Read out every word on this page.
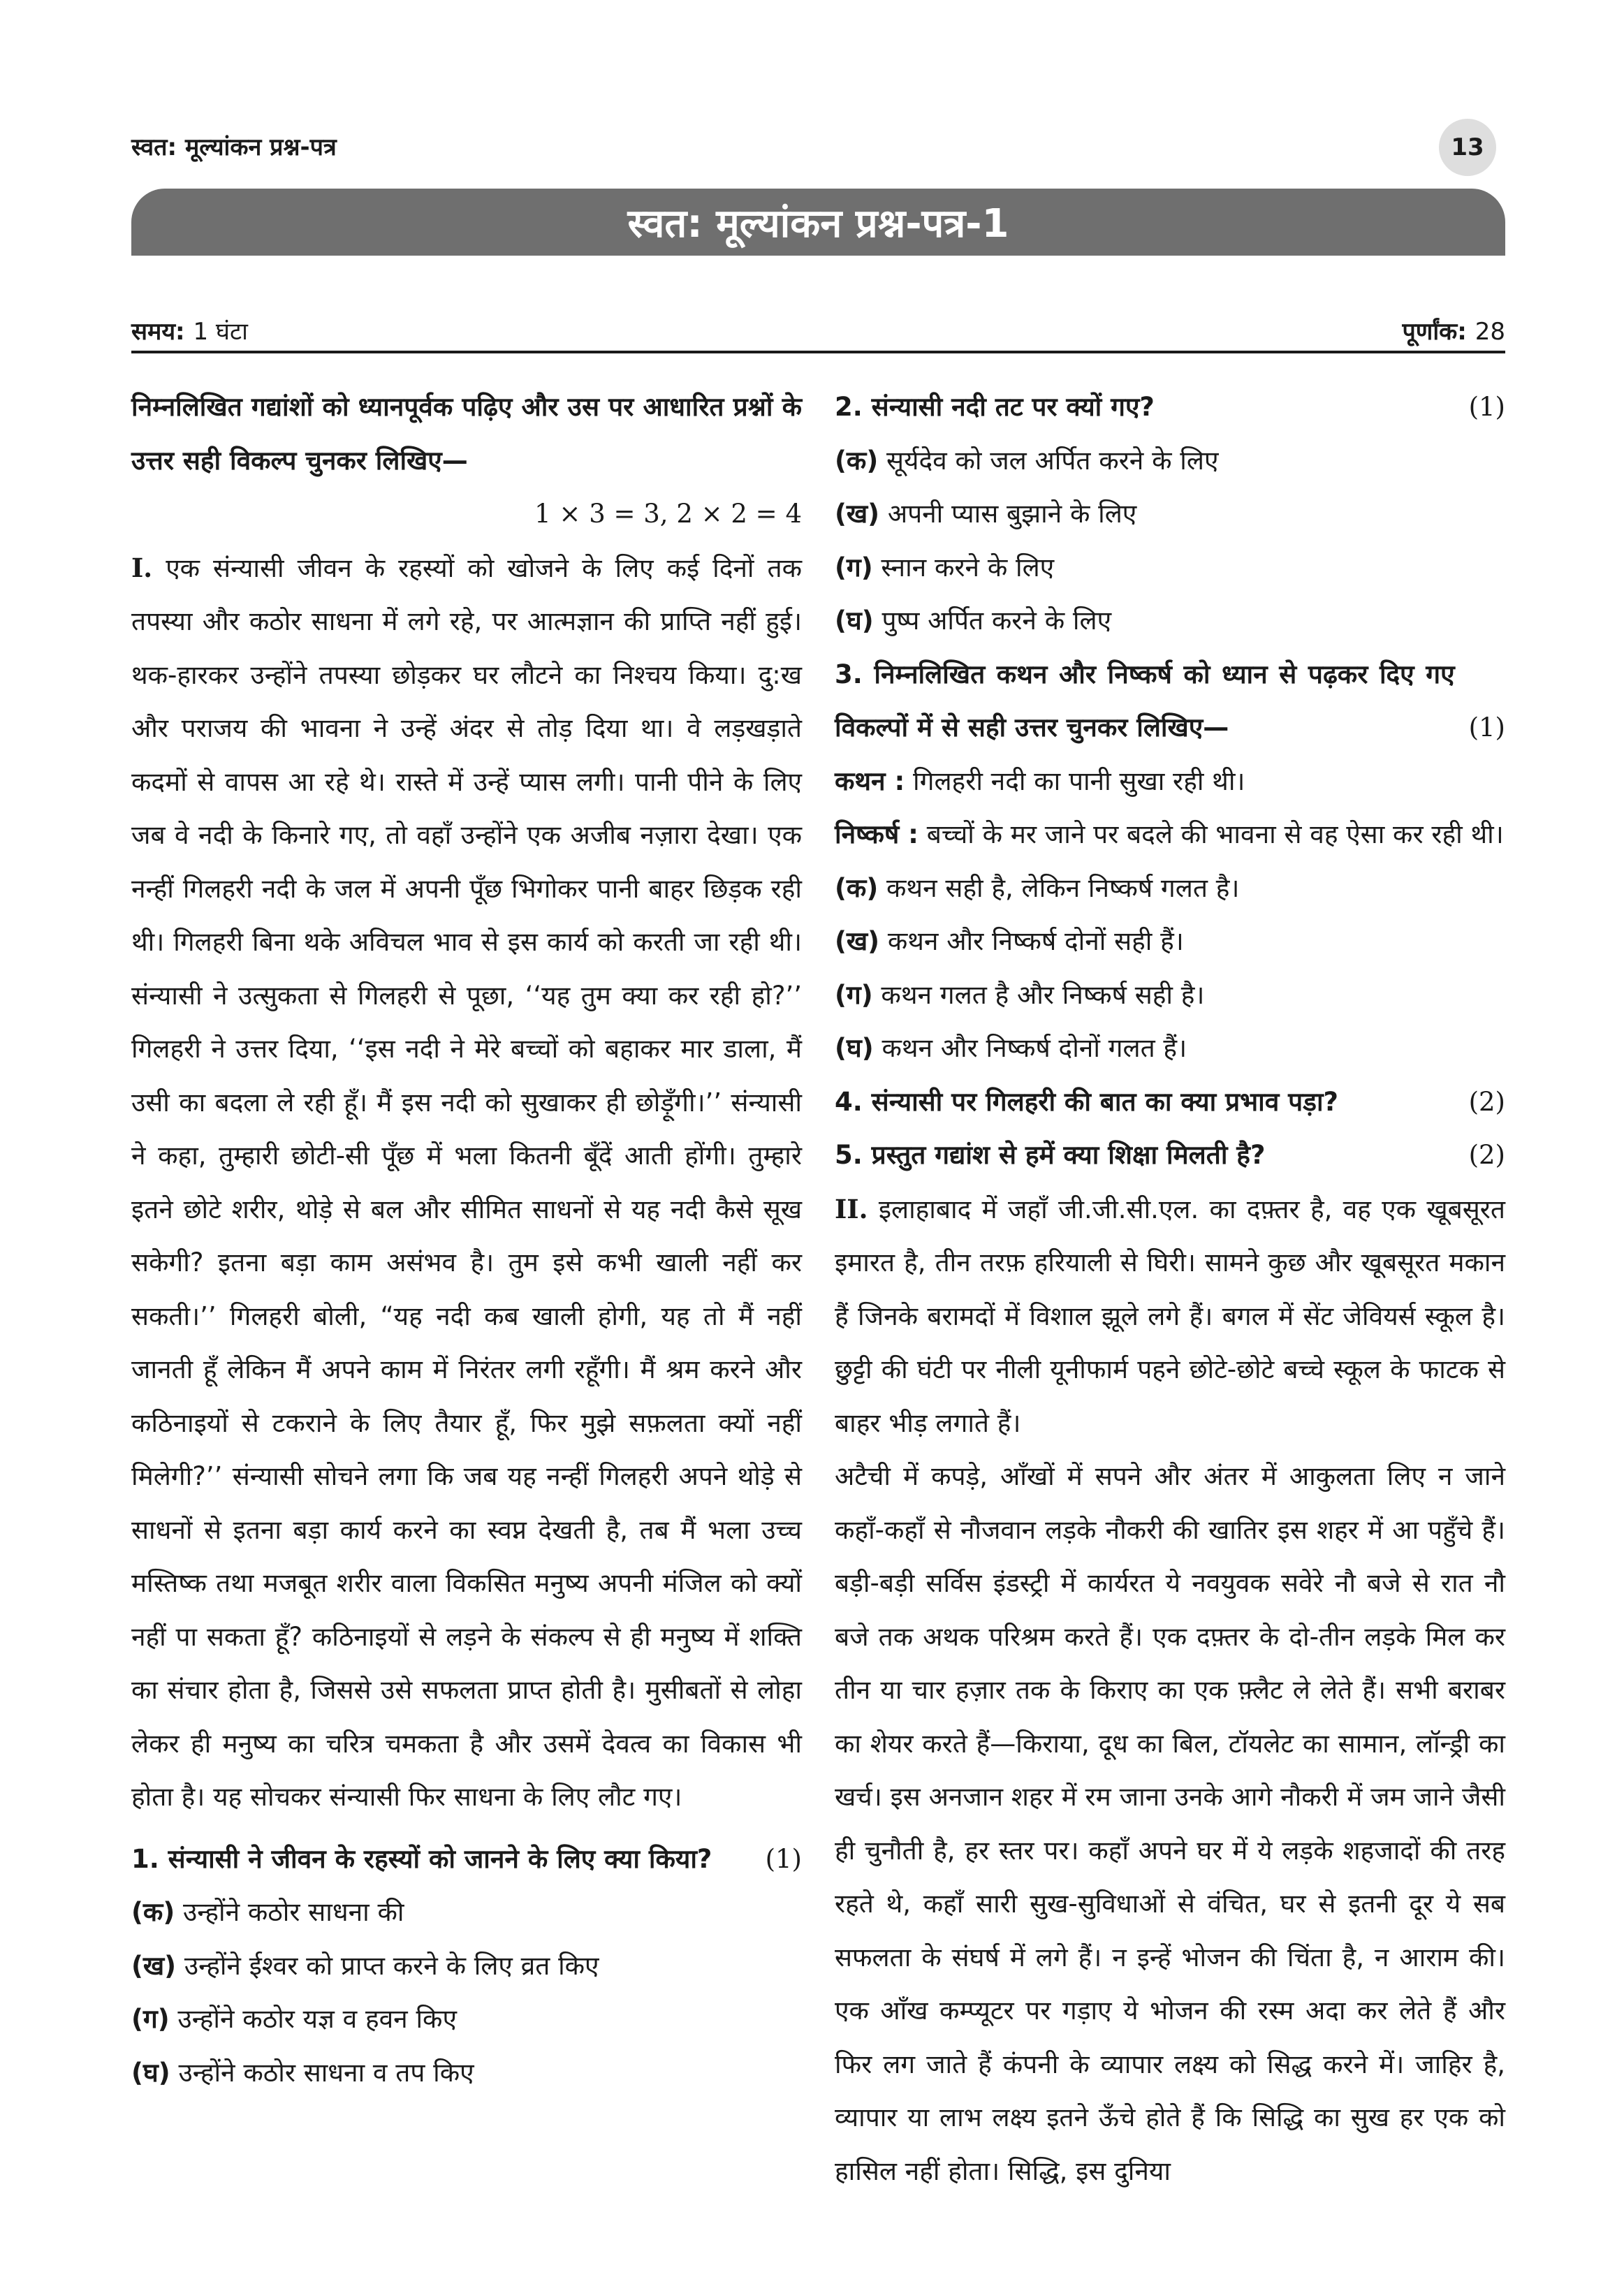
स्वत: मूल्यांकन प्रश्न-पत्र	13
स्वत: मूल्यांकन प्रश्न-पत्र-1
समय: 1 घंटा	पूर्णांक: 28

निम्नलिखित गद्यांशों को ध्यानपूर्वक पढ़िए और उस पर आधारित प्रश्नों के उत्तर सही विकल्प चुनकर लिखिए—

1 × 3 = 3, 2 × 2 = 4

I. एक संन्यासी जीवन के रहस्यों को खोजने के लिए कई दिनों तक तपस्या और कठोर साधना में लगे रहे, पर आत्मज्ञान की प्राप्ति नहीं हुई। थक-हारकर उन्होंने तपस्या छोड़कर घर लौटने का निश्चय किया। दु:ख और पराजय की भावना ने उन्हें अंदर से तोड़ दिया था। वे लड़खड़ाते कदमों से वापस आ रहे थे। रास्ते में उन्हें प्यास लगी। पानी पीने के लिए जब वे नदी के किनारे गए, तो वहाँ उन्होंने एक अजीब नज़ारा देखा। एक नन्हीं गिलहरी नदी के जल में अपनी पूँछ भिगोकर पानी बाहर छिड़क रही थी। गिलहरी बिना थके अविचल भाव से इस कार्य को करती जा रही थी। संन्यासी ने उत्सुकता से गिलहरी से पूछा, ‘‘यह तुम क्या कर रही हो?’’ गिलहरी ने उत्तर दिया, ‘‘इस नदी ने मेरे बच्चों को बहाकर मार डाला, मैं उसी का बदला ले रही हूँ। मैं इस नदी को सुखाकर ही छोड़ूँगी।’’ संन्यासी ने कहा, तुम्हारी छोटी-सी पूँछ में भला कितनी बूँदें आती होंगी। तुम्हारे इतने छोटे शरीर, थोड़े से बल और सीमित साधनों से यह नदी कैसे सूख सकेगी? इतना बड़ा काम असंभव है। तुम इसे कभी खाली नहीं कर सकती।’’ गिलहरी बोली, “यह नदी कब खाली होगी, यह तो मैं नहीं जानती हूँ लेकिन मैं अपने काम में निरंतर लगी रहूँगी। मैं श्रम करने और कठिनाइयों से टकराने के लिए तैयार हूँ, फिर मुझे सफ़लता क्यों नहीं मिलेगी?’’ संन्यासी सोचने लगा कि जब यह नन्हीं गिलहरी अपने थोड़े से साधनों से इतना बड़ा कार्य करने का स्वप्न देखती है, तब मैं भला उच्च मस्तिष्क तथा मजबूत शरीर वाला विकसित मनुष्य अपनी मंजिल को क्यों नहीं पा सकता हूँ? कठिनाइयों से लड़ने के संकल्प से ही मनुष्य में शक्ति का संचार होता है, जिससे उसे सफलता प्राप्त होती है। मुसीबतों से लोहा लेकर ही मनुष्य का चरित्र चमकता है और उसमें देवत्व का विकास भी होता है। यह सोचकर संन्यासी फिर साधना के लिए लौट गए।

1. संन्यासी ने जीवन के रहस्यों को जानने के लिए क्या किया?	(1)

(क) उन्होंने कठोर साधना की

(ख) उन्होंने ईश्वर को प्राप्त करने के लिए व्रत किए

(ग) उन्होंने कठोर यज्ञ व हवन किए

(घ) उन्होंने कठोर साधना व तप किए

2. संन्यासी नदी तट पर क्यों गए?	(1)

(क) सूर्यदेव को जल अर्पित करने के लिए

(ख) अपनी प्यास बुझाने के लिए

(ग) स्नान करने के लिए

(घ) पुष्प अर्पित करने के लिए

3. निम्नलिखित कथन और निष्कर्ष को ध्यान से पढ़कर दिए गए विकल्पों में से सही उत्तर चुनकर लिखिए—	(1)

कथन : गिलहरी नदी का पानी सुखा रही थी।

निष्कर्ष : बच्चों के मर जाने पर बदले की भावना से वह ऐसा कर रही थी।

(क) कथन सही है, लेकिन निष्कर्ष गलत है।

(ख) कथन और निष्कर्ष दोनों सही हैं।

(ग) कथन गलत है और निष्कर्ष सही है।

(घ) कथन और निष्कर्ष दोनों गलत हैं।

4. संन्यासी पर गिलहरी की बात का क्या प्रभाव पड़ा?	(2)
5. प्रस्तुत गद्यांश से हमें क्या शिक्षा मिलती है?	(2)

II. इलाहाबाद में जहाँ जी.जी.सी.एल. का दफ़्तर है, वह एक खूबसूरत इमारत है, तीन तरफ़ हरियाली से घिरी। सामने कुछ और खूबसूरत मकान हैं जिनके बरामदों में विशाल झूले लगे हैं। बगल में सेंट जेवियर्स स्कूल है। छुट्टी की घंटी पर नीली यूनीफार्म पहने छोटे-छोटे बच्चे स्कूल के फाटक से बाहर भीड़ लगाते हैं।

अटैची में कपड़े, आँखों में सपने और अंतर में आकुलता लिए न जाने कहाँ-कहाँ से नौजवान लड़के नौकरी की खातिर इस शहर में आ पहुँचे हैं। बड़ी-बड़ी सर्विस इंडस्ट्री में कार्यरत ये नवयुवक सवेरे नौ बजे से रात नौ बजे तक अथक परिश्रम करते हैं। एक दफ़्तर के दो-तीन लड़के मिल कर तीन या चार हज़ार तक के किराए का एक फ़्लैट ले लेते हैं। सभी बराबर का शेयर करते हैं—किराया, दूध का बिल, टॉयलेट का सामान, लॉन्ड्री का खर्च। इस अनजान शहर में रम जाना उनके आगे नौकरी में जम जाने जैसी ही चुनौती है, हर स्तर पर। कहाँ अपने घर में ये लड़के शहजादों की तरह रहते थे, कहाँ सारी सुख-सुविधाओं से वंचित, घर से इतनी दूर ये सब सफलता के संघर्ष में लगे हैं। न इन्हें भोजन की चिंता है, न आराम की। एक आँख कम्प्यूटर पर गड़ाए ये भोजन की रस्म अदा कर लेते हैं और फिर लग जाते हैं कंपनी के व्यापार लक्ष्य को सिद्ध करने में। जाहिर है, व्यापार या लाभ लक्ष्य इतने ऊँचे होते हैं कि सिद्धि का सुख हर एक को हासिल नहीं होता। सिद्धि, इस दुनिया
